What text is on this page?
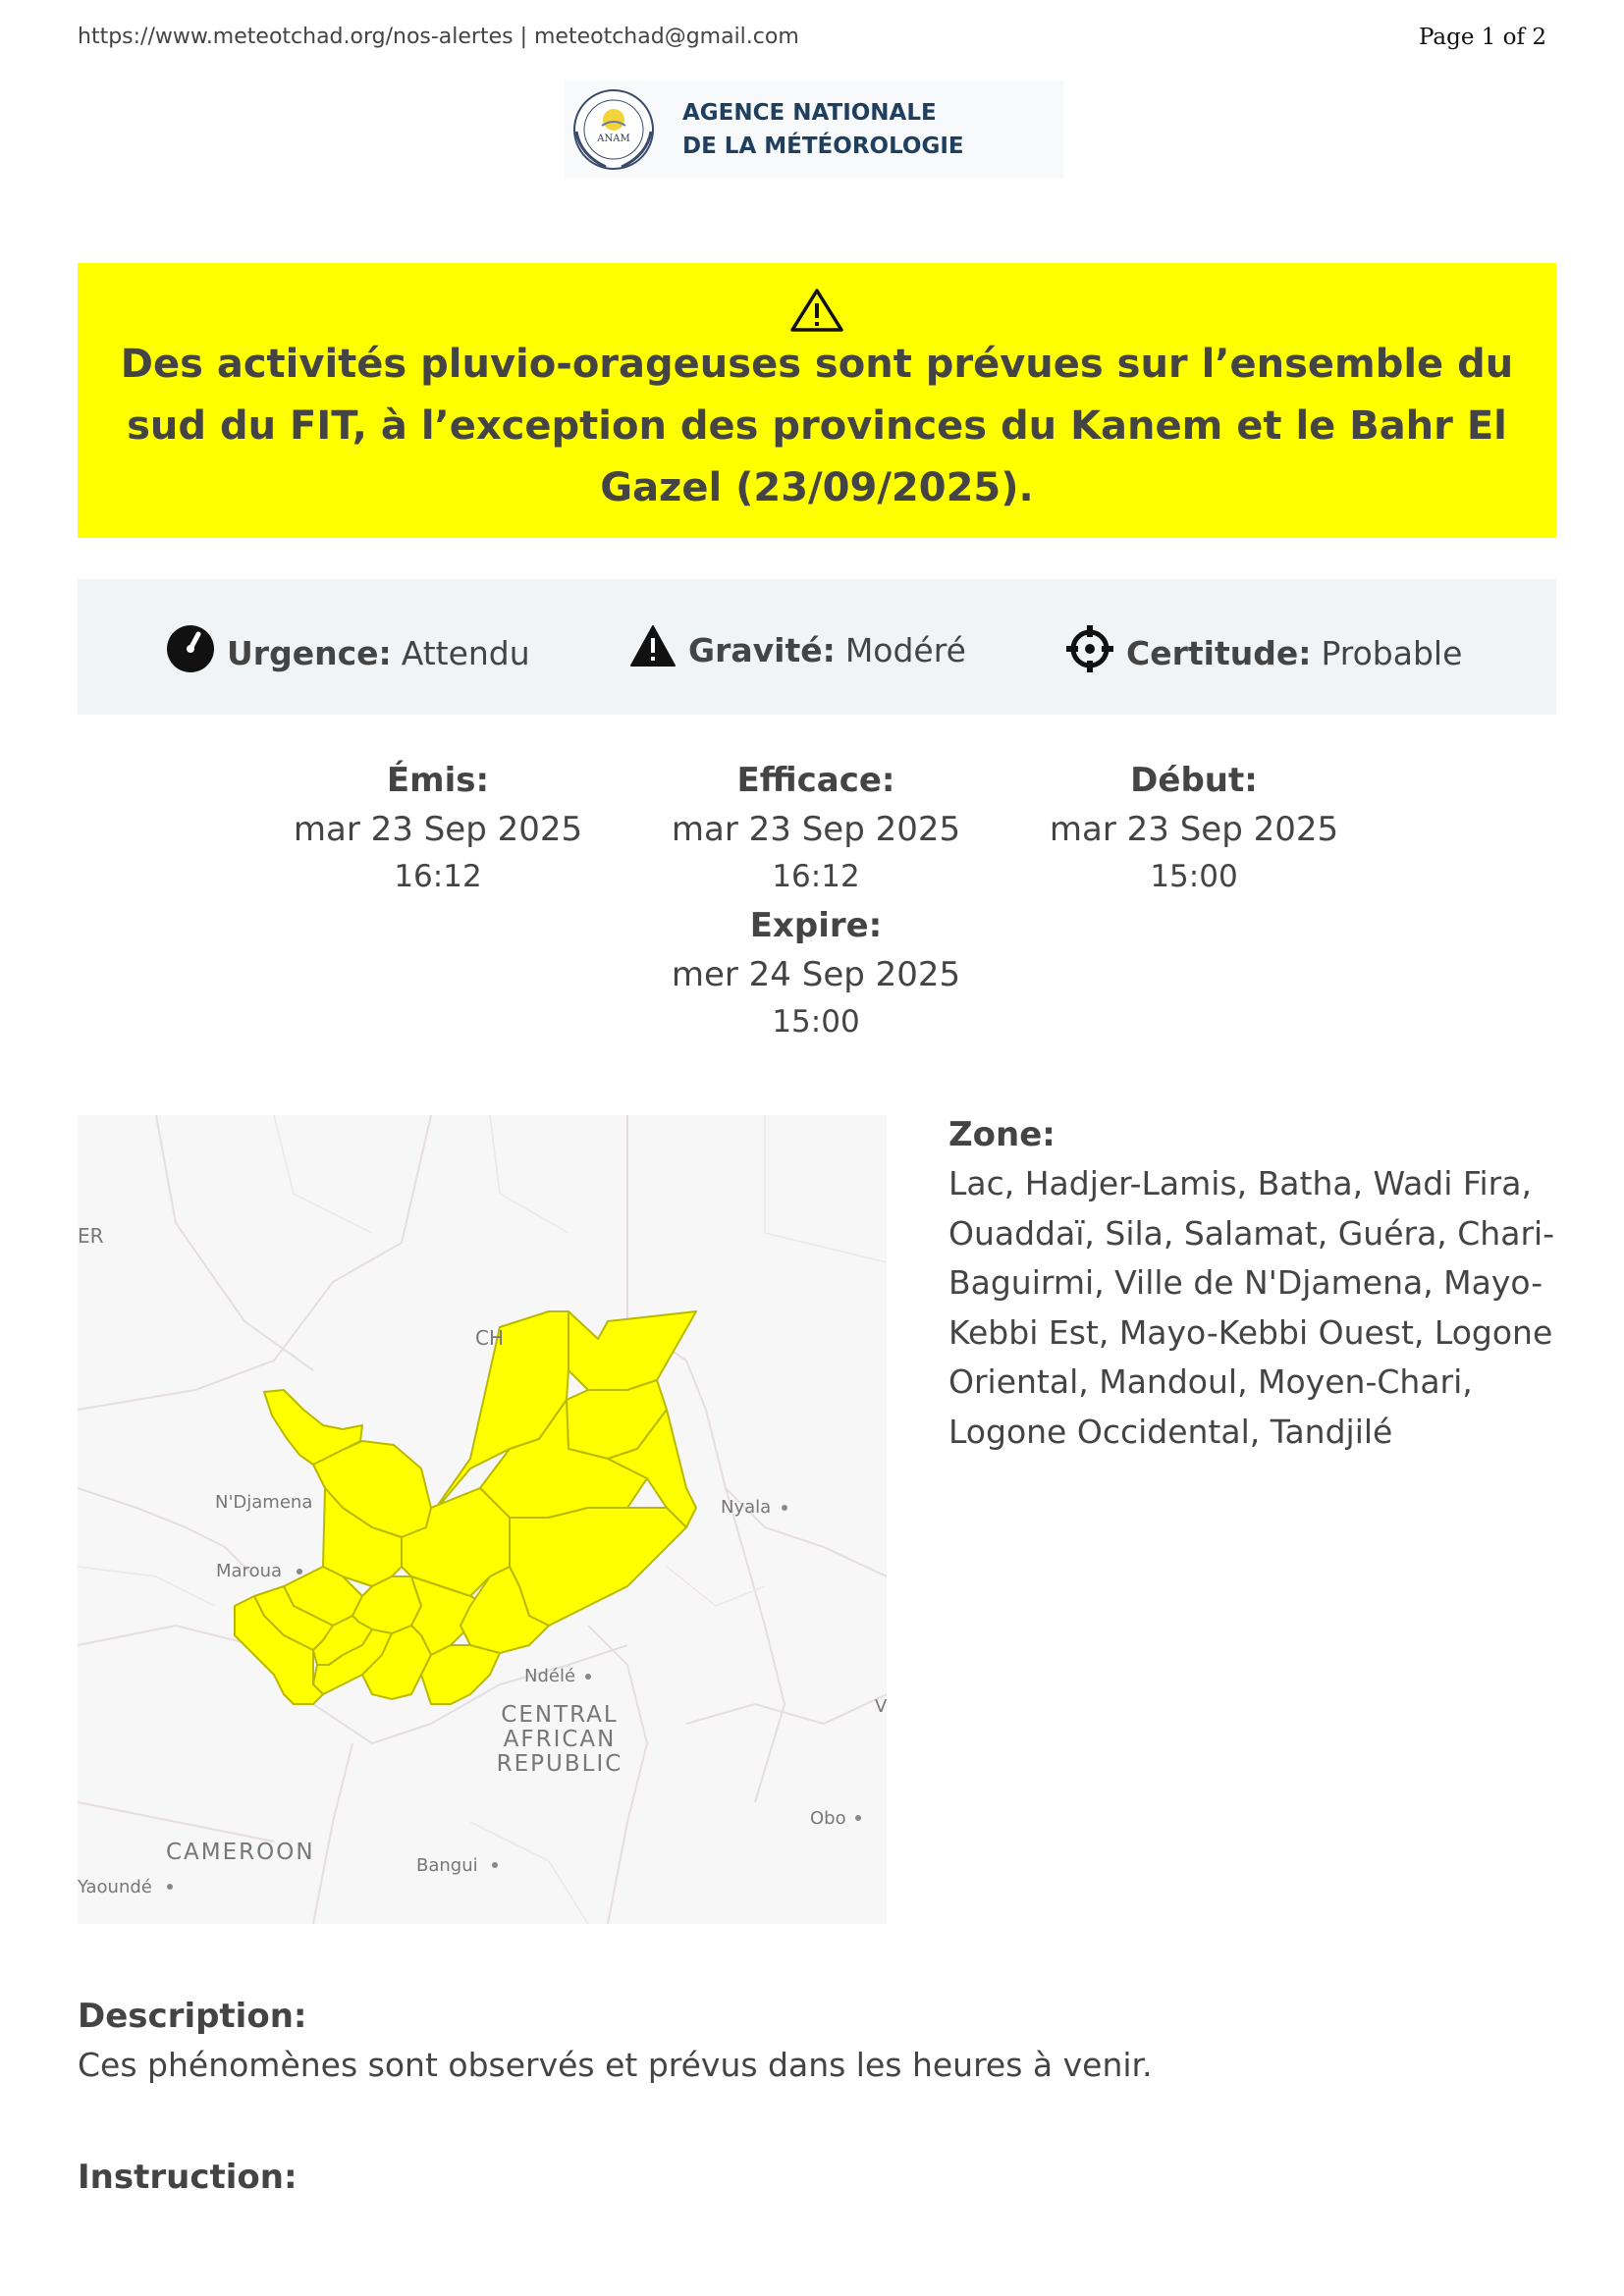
https://www.meteotchad.org/nos-alertes | meteotchad@gmail.com	Page 1 of 2
ANAM
AGENCE NATIONALE
DE LA MÉTÉOROLOGIE
Des activités pluvio-orageuses sont prévues sur l’ensemble du sud du FIT, à l’exception des provinces du Kanem et le Bahr El Gazel (23/09/2025).
Urgence: Attendu	Gravité: Modéré	Certitude: Probable
Émis:
mar 23 Sep 2025
16:12
Efficace:
mar 23 Sep 2025
16:12
Début:
mar 23 Sep 2025
15:00
Expire:
mer 24 Sep 2025
15:00
ER
CH
N'Djamena
Maroua
Nyala
Ndélé
CENTRAL
AFRICAN
REPUBLIC
CAMEROON
Yaoundé
Bangui
Obo
V
Zone:
Lac, Hadjer-Lamis, Batha, Wadi Fira, Ouaddaï, Sila, Salamat, Guéra, Chari-Baguirmi, Ville de N'Djamena, Mayo-Kebbi Est, Mayo-Kebbi Ouest, Logone Oriental, Mandoul, Moyen-Chari, Logone Occidental, Tandjilé
Description:
Ces phénomènes sont observés et prévus dans les heures à venir.
Instruction:
